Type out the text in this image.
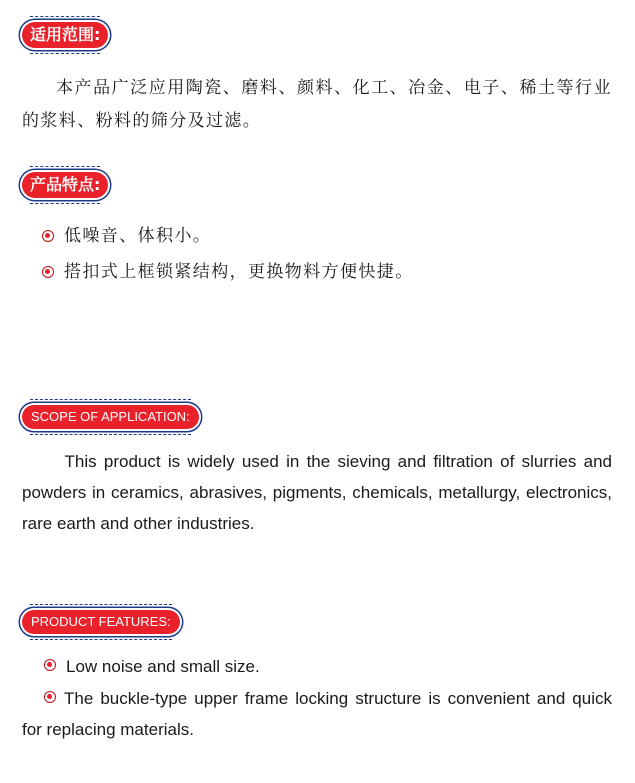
适用范围:

本产品广泛应用陶瓷、磨料、颜料、化工、冶金、电子、稀土等行业的浆料、粉料的筛分及过滤。

产品特点:
低噪音、体积小。
搭扣式上框锁紧结构，更换物料方便快捷。
SCOPE OF APPLICATION:

This product is widely used in the sieving and filtration of slurries and powders in ceramics, abrasives, pigments, chemicals, metallurgy, electronics, rare earth and other industries.

PRODUCT FEATURES:
Low noise and small size.
The buckle-type upper frame locking structure is convenient and quick for replacing materials.
